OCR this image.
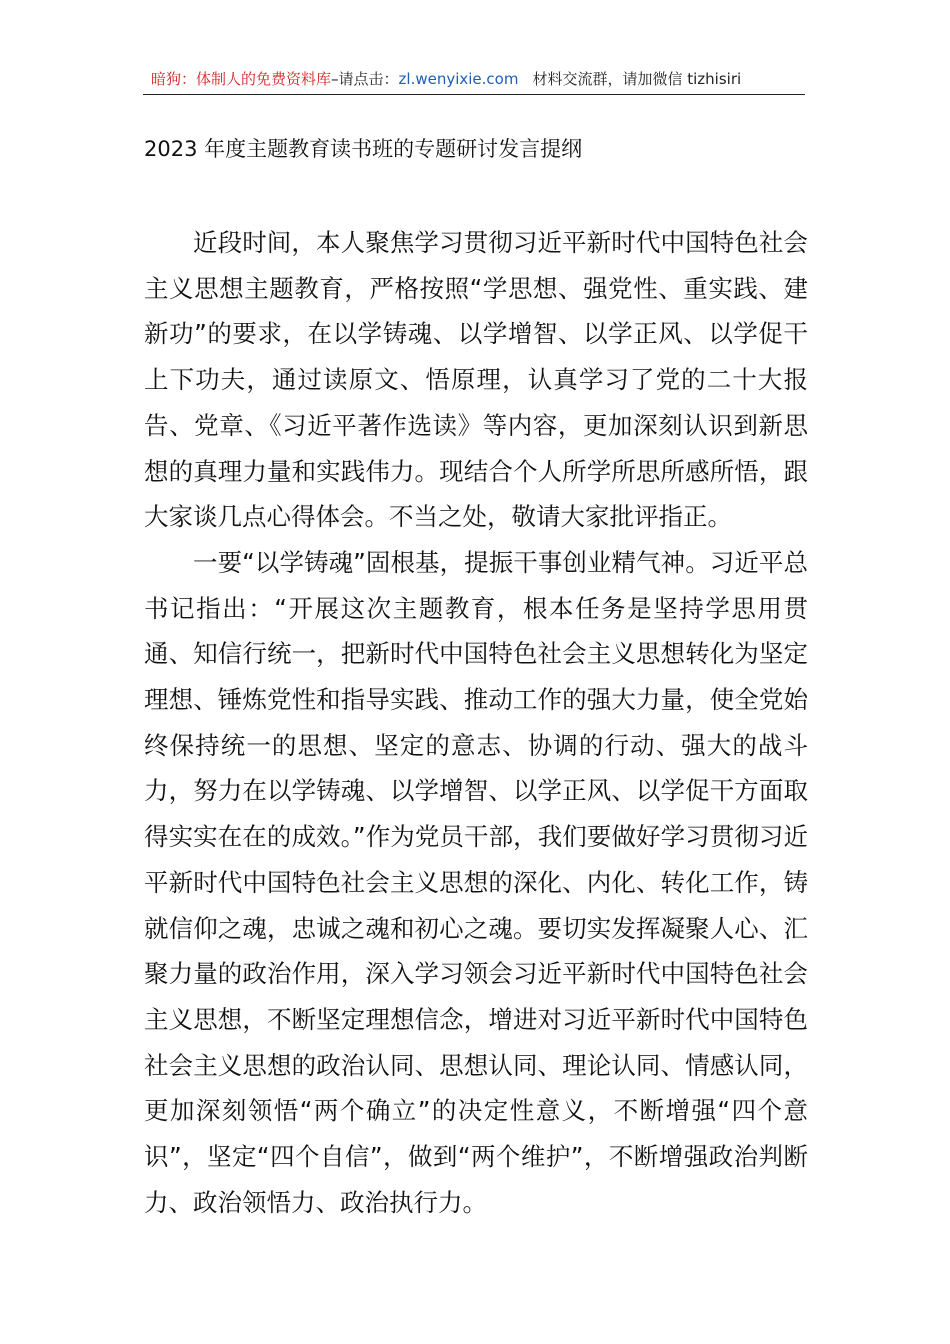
暗狗：体制人的免费资料库–请点击：zl.wenyixie.com 材料交流群，请加微信 tizhisiri
2023 年度主题教育读书班的专题研讨发言提纲

近段时间，本人聚焦学习贯彻习近平新时代中国特色社会主义思想主题教育，严格按照“学思想、强党性、重实践、建新功”的要求，在以学铸魂、以学增智、以学正风、以学促干上下功夫，通过读原文、悟原理，认真学习了党的二十大报告、党章、《习近平著作选读》等内容，更加深刻认识到新思想的真理力量和实践伟力。现结合个人所学所思所感所悟，跟大家谈几点心得体会。不当之处，敬请大家批评指正。

一要“以学铸魂”固根基，提振干事创业精气神。习近平总书记指出：“开展这次主题教育，根本任务是坚持学思用贯通、知信行统一，把新时代中国特色社会主义思想转化为坚定理想、锤炼党性和指导实践、推动工作的强大力量，使全党始终保持统一的思想、坚定的意志、协调的行动、强大的战斗力，努力在以学铸魂、以学增智、以学正风、以学促干方面取得实实在在的成效。”作为党员干部，我们要做好学习贯彻习近平新时代中国特色社会主义思想的深化、内化、转化工作，铸就信仰之魂，忠诚之魂和初心之魂。要切实发挥凝聚人心、汇聚力量的政治作用，深入学习领会习近平新时代中国特色社会主义思想，不断坚定理想信念，增进对习近平新时代中国特色社会主义思想的政治认同、思想认同、理论认同、情感认同，更加深刻领悟“两个确立”的决定性意义，不断增强“四个意识”，坚定“四个自信”，做到“两个维护”，不断增强政治判断力、政治领悟力、政治执行力。
